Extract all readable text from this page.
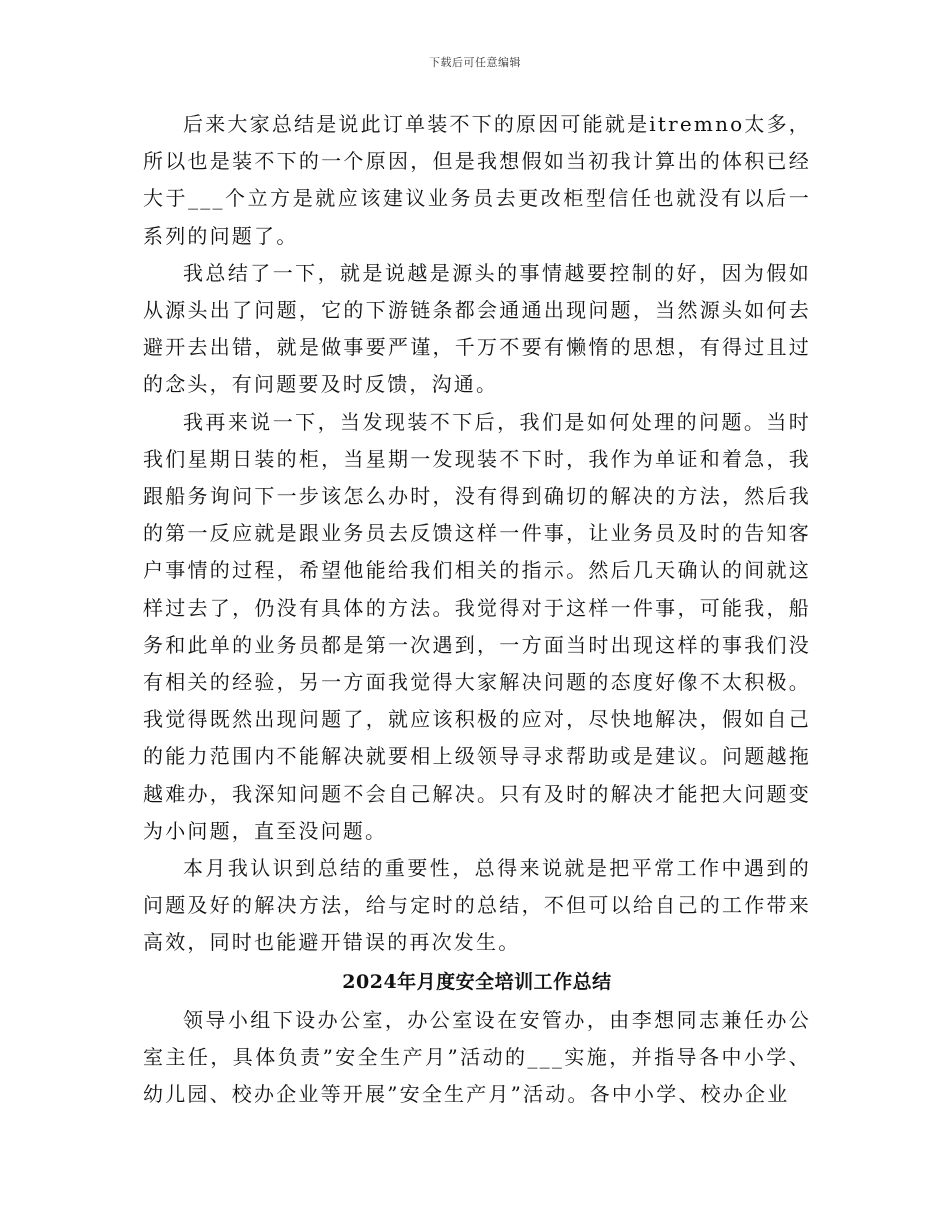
下载后可任意编辑

后来大家总结是说此订单装不下的原因可能就是itremno太多，所以也是装不下的一个原因，但是我想假如当初我计算出的体积已经大于___个立方是就应该建议业务员去更改柜型信任也就没有以后一系列的问题了。

我总结了一下，就是说越是源头的事情越要控制的好，因为假如从源头出了问题，它的下游链条都会通通出现问题，当然源头如何去避开去出错，就是做事要严谨，千万不要有懒惰的思想，有得过且过的念头，有问题要及时反馈，沟通。

我再来说一下，当发现装不下后，我们是如何处理的问题。当时我们星期日装的柜，当星期一发现装不下时，我作为单证和着急，我跟船务询问下一步该怎么办时，没有得到确切的解决的方法，然后我的第一反应就是跟业务员去反馈这样一件事，让业务员及时的告知客户事情的过程，希望他能给我们相关的指示。然后几天确认的间就这样过去了，仍没有具体的方法。我觉得对于这样一件事，可能我，船务和此单的业务员都是第一次遇到，一方面当时出现这样的事我们没有相关的经验，另一方面我觉得大家解决问题的态度好像不太积极。我觉得既然出现问题了，就应该积极的应对，尽快地解决，假如自己的能力范围内不能解决就要相上级领导寻求帮助或是建议。问题越拖越难办，我深知问题不会自己解决。只有及时的解决才能把大问题变为小问题，直至没问题。

本月我认识到总结的重要性，总得来说就是把平常工作中遇到的问题及好的解决方法，给与定时的总结，不但可以给自己的工作带来高效，同时也能避开错误的再次发生。

2024年月度安全培训工作总结

领导小组下设办公室，办公室设在安管办，由李想同志兼任办公室主任，具体负责”安全生产月”活动的___实施，并指导各中小学、幼儿园、校办企业等开展”安全生产月”活动。各中小学、校办企业
